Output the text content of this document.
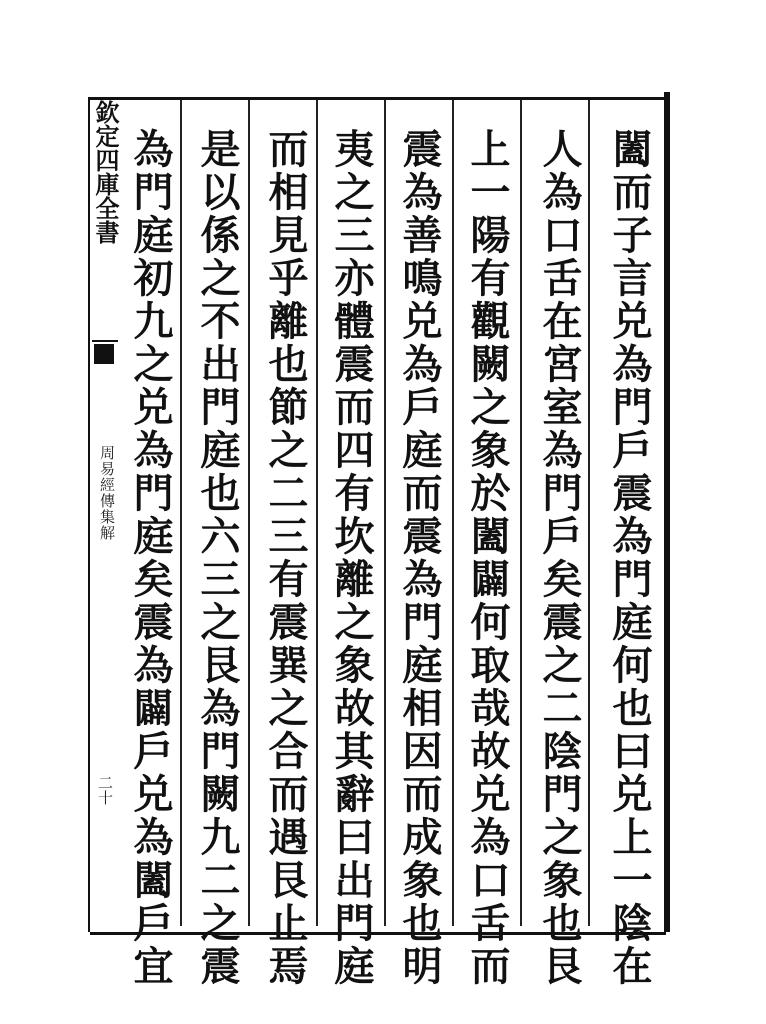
欽定四庫全書
周易經傳集解
二十	闔而子言兑為門戶震為門庭何也曰兑上一陰在
人為口舌在宮室為門戶矣震之二陰門之象也艮
上一陽有觀闕之象於闔闢何取哉故兑為口舌而
震為善鳴兑為戶庭而震為門庭相因而成象也明
夷之三亦體震而四有坎離之象故其辭曰出門庭
而相見乎離也節之二三有震巽之合而遇艮止焉
是以係之不出門庭也六三之艮為門闕九二之震
為門庭初九之兑為門庭矣震為闢戶兑為闔戶宜
